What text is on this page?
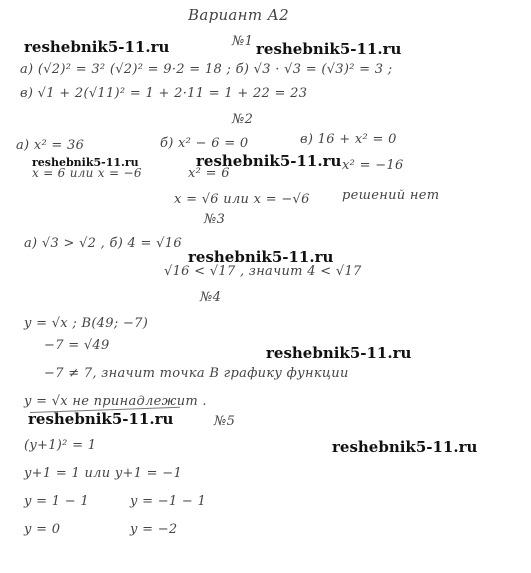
Вариант А2
reshebnik5-11.ru	№1 reshebnik5-11.ru
а) (√2)² = 3² (√2)² = 9·2 = 18 ; б) √3 · √3 = (√3)² = 3 ;
в) √1 + 2(√11)² = 1 + 2·11 = 1 + 22 = 23
№2
а) x² = 36	б) x² − 6 = 0	в) 16 + x² = 0
reshebnik5-11.ru	reshebnik5-11.ru
x = 6 или x = −6	x² = 6
x² = −16
x = √6 или x = −√6 решений нет
№3
а) √3 > √2 , б) 4 = √16
reshebnik5-11.ru
√16 < √17 , значит 4 < √17
№4
y = √x ; B(49; −7)
−7 = √49	reshebnik5-11.ru
−7 ≠ 7, значит точка В графику функции
y = √x не принадлежит .
reshebnik5-11.ru	№5
reshebnik5-11.ru
(y+1)² = 1
y+1 = 1 или y+1 = −1
y = 1 − 1	y = −1 − 1
y = 0	y = −2
